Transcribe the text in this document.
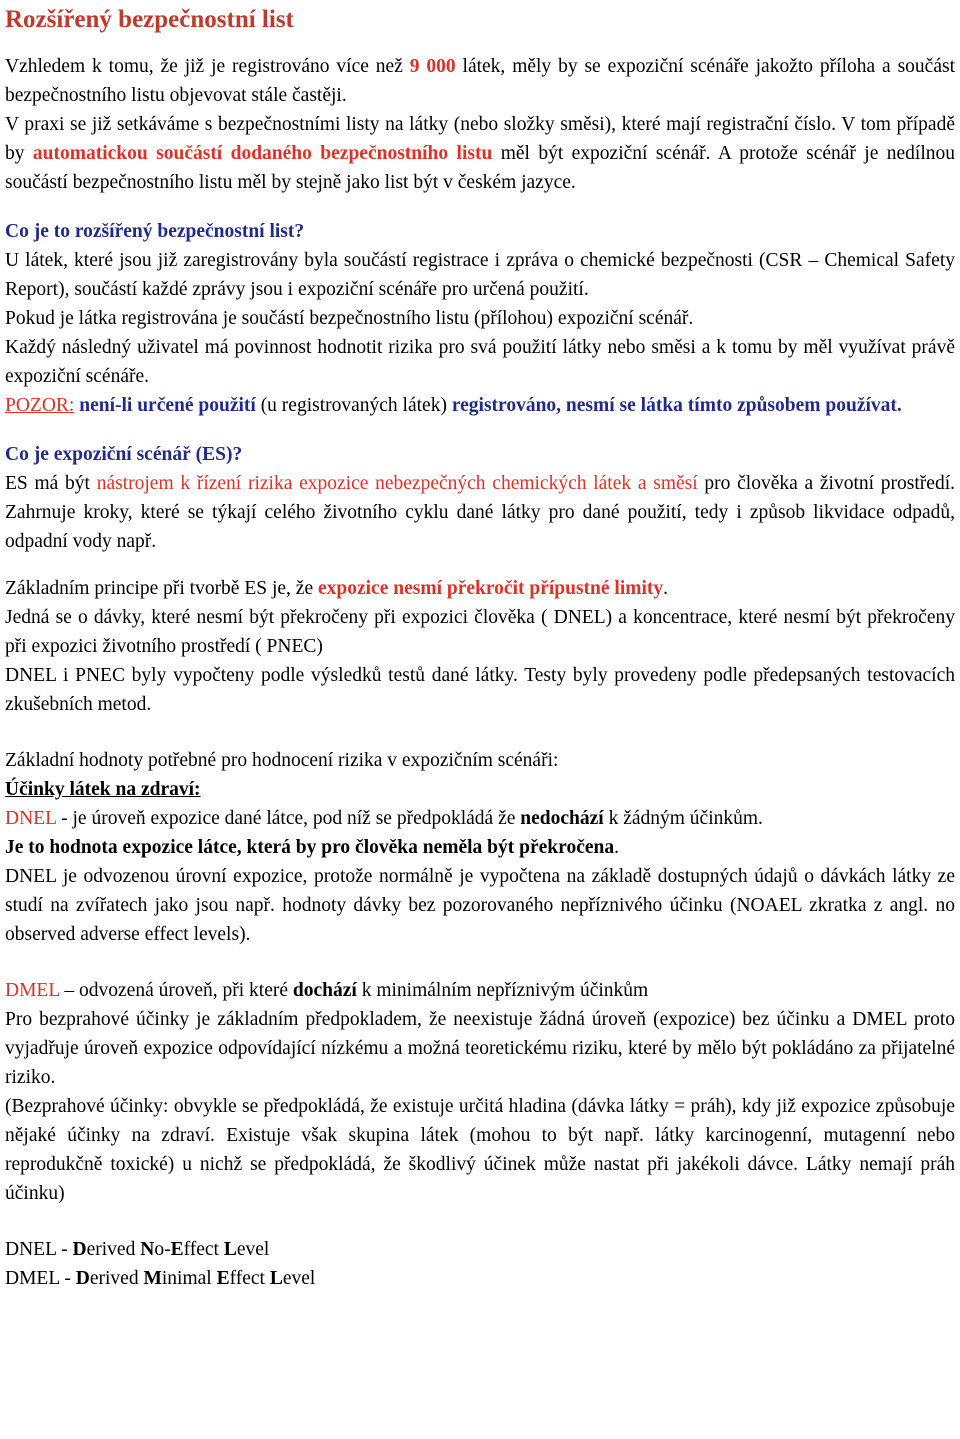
Rozšířený bezpečnostní list

Vzhledem k tomu, že již je registrováno více než 9 000 látek, měly by se expoziční scénáře jakožto příloha a součást bezpečnostního listu objevovat stále častěji.

V praxi se již setkáváme s bezpečnostními listy na látky (nebo složky směsi), které mají registrační číslo. V tom případě by automatickou součástí dodaného bezpečnostního listu měl být expoziční scénář. A protože scénář je nedílnou součástí bezpečnostního listu měl by stejně jako list být v českém jazyce.

Co je to rozšířený bezpečnostní list?

U látek, které jsou již zaregistrovány byla součástí registrace i zpráva o chemické bezpečnosti (CSR – Chemical Safety Report), součástí každé zprávy jsou i expoziční scénáře pro určená použití.

Pokud je látka registrována je součástí bezpečnostního listu (přílohou) expoziční scénář.

Každý následný uživatel má povinnost hodnotit rizika pro svá použití látky nebo směsi a k tomu by měl využívat právě expoziční scénáře.

POZOR: není-li určené použití (u registrovaných látek) registrováno, nesmí se látka tímto způsobem používat.

Co je expoziční scénář (ES)?

ES má být nástrojem k řízení rizika expozice nebezpečných chemických látek a směsí pro člověka a životní prostředí. Zahrnuje kroky, které se týkají celého životního cyklu dané látky pro dané použití, tedy i způsob likvidace odpadů, odpadní vody např.

Základním principe při tvorbě ES je, že expozice nesmí překročit přípustné limity.

Jedná se o dávky, které nesmí být překročeny při expozici člověka ( DNEL) a koncentrace, které nesmí být překročeny při expozici životního prostředí ( PNEC)

DNEL i PNEC byly vypočteny podle výsledků testů dané látky. Testy byly provedeny podle předepsaných testovacích zkušebních metod.

Základní hodnoty potřebné pro hodnocení rizika v expozičním scénáři:

Účinky látek na zdraví:

DNEL - je úroveň expozice dané látce, pod níž se předpokládá že nedochází k žádným účinkům.

Je to hodnota expozice látce, která by pro člověka neměla být překročena.

DNEL je odvozenou úrovní expozice, protože normálně je vypočtena na základě dostupných údajů o dávkách látky ze studí na zvířatech jako jsou např. hodnoty dávky bez pozorovaného nepříznivého účinku (NOAEL zkratka z angl. no observed adverse effect levels).

DMEL – odvozená úroveň, při které dochází k minimálním nepříznivým účinkům

Pro bezprahové účinky je základním předpokladem, že neexistuje žádná úroveň (expozice) bez účinku a DMEL proto vyjadřuje úroveň expozice odpovídající nízkému a možná teoretickému riziku, které by mělo být pokládáno za přijatelné riziko.

(Bezprahové účinky: obvykle se předpokládá, že existuje určitá hladina (dávka látky = práh), kdy již expozice způsobuje nějaké účinky na zdraví. Existuje však skupina látek (mohou to být např. látky karcinogenní, mutagenní nebo reprodukčně toxické) u nichž se předpokládá, že škodlivý účinek může nastat při jakékoli dávce. Látky nemají práh účinku)

DNEL - Derived No-Effect Level

DMEL - Derived Minimal Effect Level
